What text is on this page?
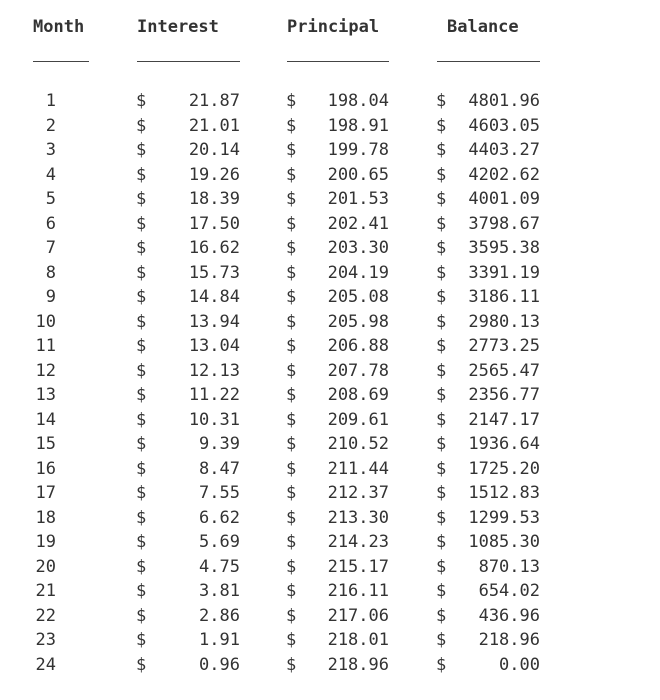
Month	Interest	Principal	Balance
1	$	21.87	$	198.04	$	4801.96
2	$	21.01	$	198.91	$	4603.05
3	$	20.14	$	199.78	$	4403.27
4	$	19.26	$	200.65	$	4202.62
5	$	18.39	$	201.53	$	4001.09
6	$	17.50	$	202.41	$	3798.67
7	$	16.62	$	203.30	$	3595.38
8	$	15.73	$	204.19	$	3391.19
9	$	14.84	$	205.08	$	3186.11
10	$	13.94	$	205.98	$	2980.13
11	$	13.04	$	206.88	$	2773.25
12	$	12.13	$	207.78	$	2565.47
13	$	11.22	$	208.69	$	2356.77
14	$	10.31	$	209.61	$	2147.17
15	$	9.39	$	210.52	$	1936.64
16	$	8.47	$	211.44	$	1725.20
17	$	7.55	$	212.37	$	1512.83
18	$	6.62	$	213.30	$	1299.53
19	$	5.69	$	214.23	$	1085.30
20	$	4.75	$	215.17	$	870.13
21	$	3.81	$	216.11	$	654.02
22	$	2.86	$	217.06	$	436.96
23	$	1.91	$	218.01	$	218.96
24	$	0.96	$	218.96	$	0.00
